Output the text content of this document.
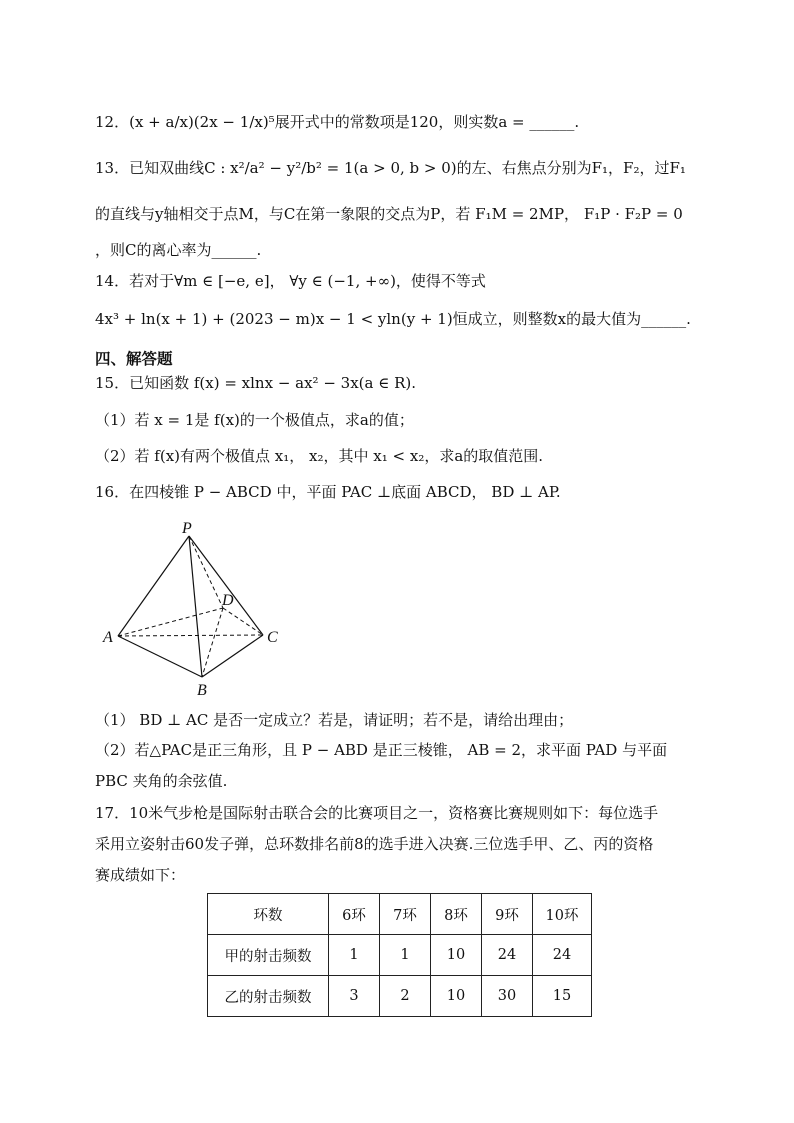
12．(x + a/x)(2x − 1/x)⁵展开式中的常数项是120，则实数a = ______.
13．已知双曲线C : x²/a² − y²/b² = 1(a > 0, b > 0)的左、右焦点分别为F₁，F₂，过F₁
的直线与y轴相交于点M，与C在第一象限的交点为P，若 F₁M = 2MP， F₁P · F₂P = 0
，则C的离心率为______.
14．若对于∀m ∈ [−e, e]， ∀y ∈ (−1, +∞)，使得不等式
4x³ + ln(x + 1) + (2023 − m)x − 1 < yln(y + 1)恒成立，则整数x的最大值为______.
四、解答题
15．已知函数 f(x) = xlnx − ax² − 3x(a ∈ R).
（1）若 x = 1是 f(x)的一个极值点，求a的值；
（2）若 f(x)有两个极值点 x₁， x₂，其中 x₁ < x₂，求a的取值范围.
16．在四棱锥 P − ABCD 中，平面 PAC ⊥底面 ABCD， BD ⊥ AP.
P
A
B
C
D
（1） BD ⊥ AC 是否一定成立？若是，请证明；若不是，请给出理由；
（2）若△PAC是正三角形，且 P − ABD 是正三棱锥， AB = 2，求平面 PAD 与平面
PBC 夹角的余弦值.
17．10米气步枪是国际射击联合会的比赛项目之一，资格赛比赛规则如下：每位选手
采用立姿射击60发子弹，总环数排名前8的选手进入决赛.三位选手甲、乙、丙的资格
赛成绩如下：
环数	6环	7环	8环	9环	10环
甲的射击频数	1	1	10	24	24
乙的射击频数	3	2	10	30	15
